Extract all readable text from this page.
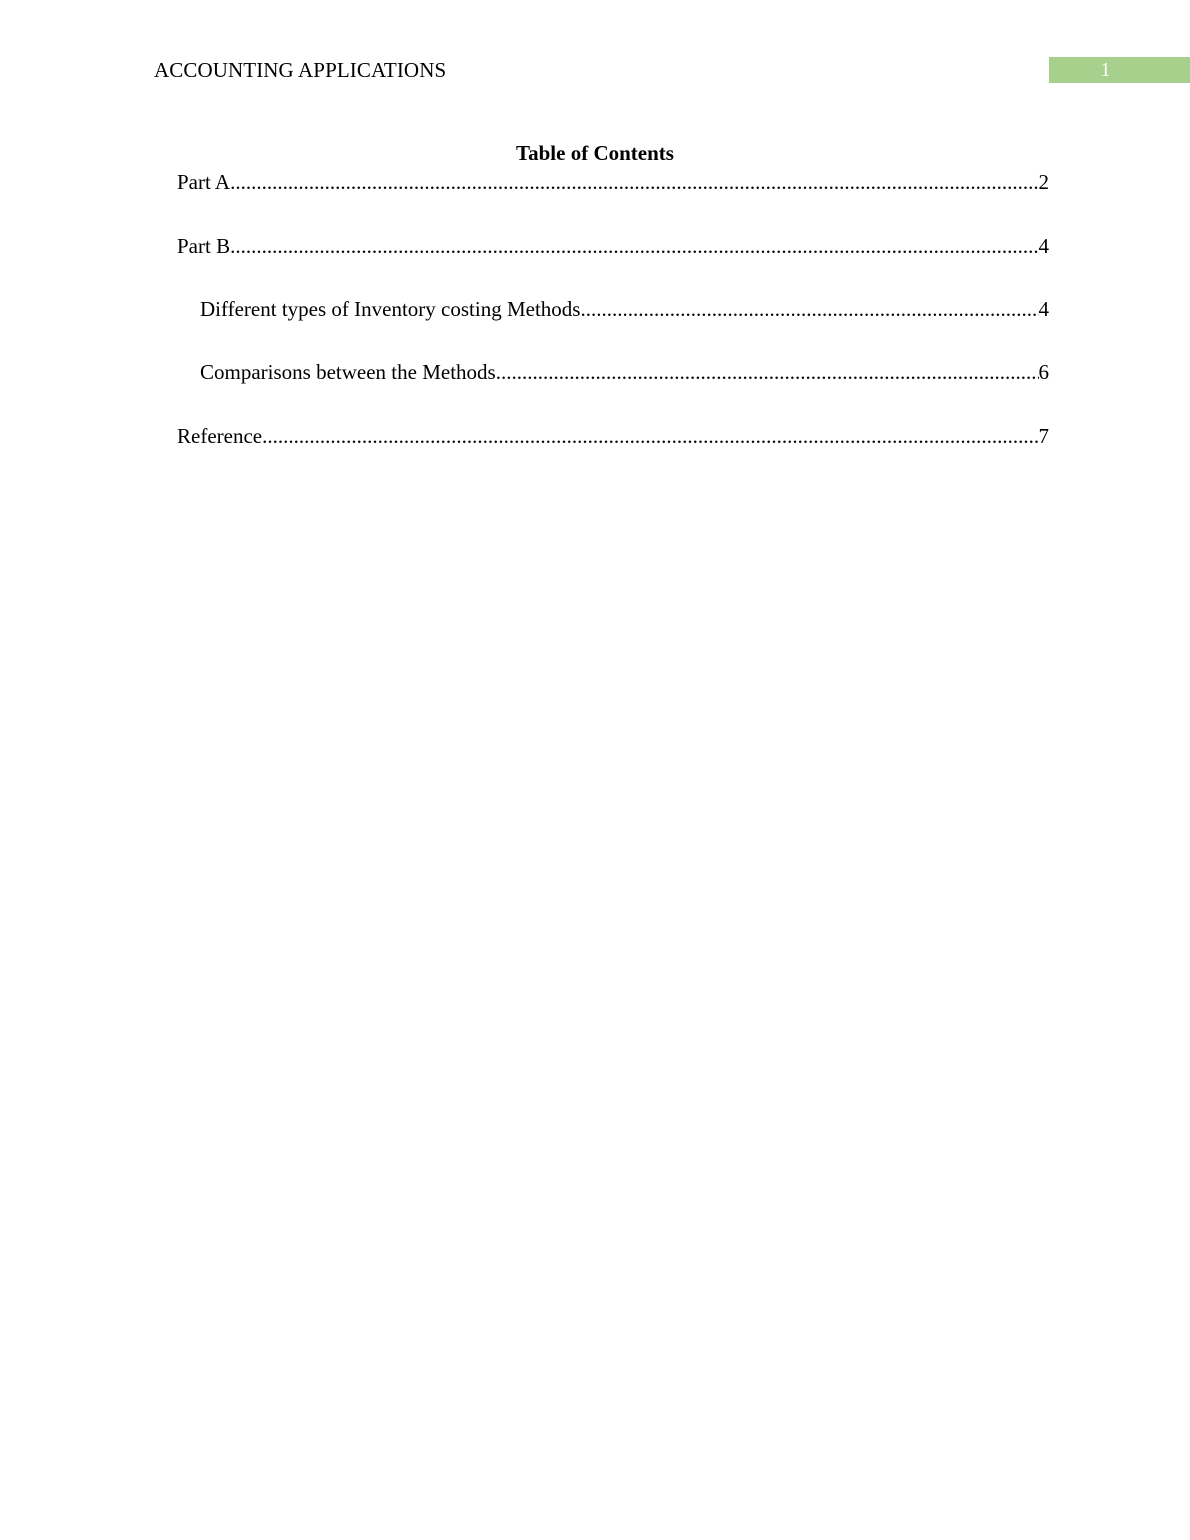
ACCOUNTING APPLICATIONS	1
Table of Contents
Part A .....	2
Part B .....	4
Different types of Inventory costing Methods .....	4
Comparisons between the Methods .....	6
Reference .....	7
